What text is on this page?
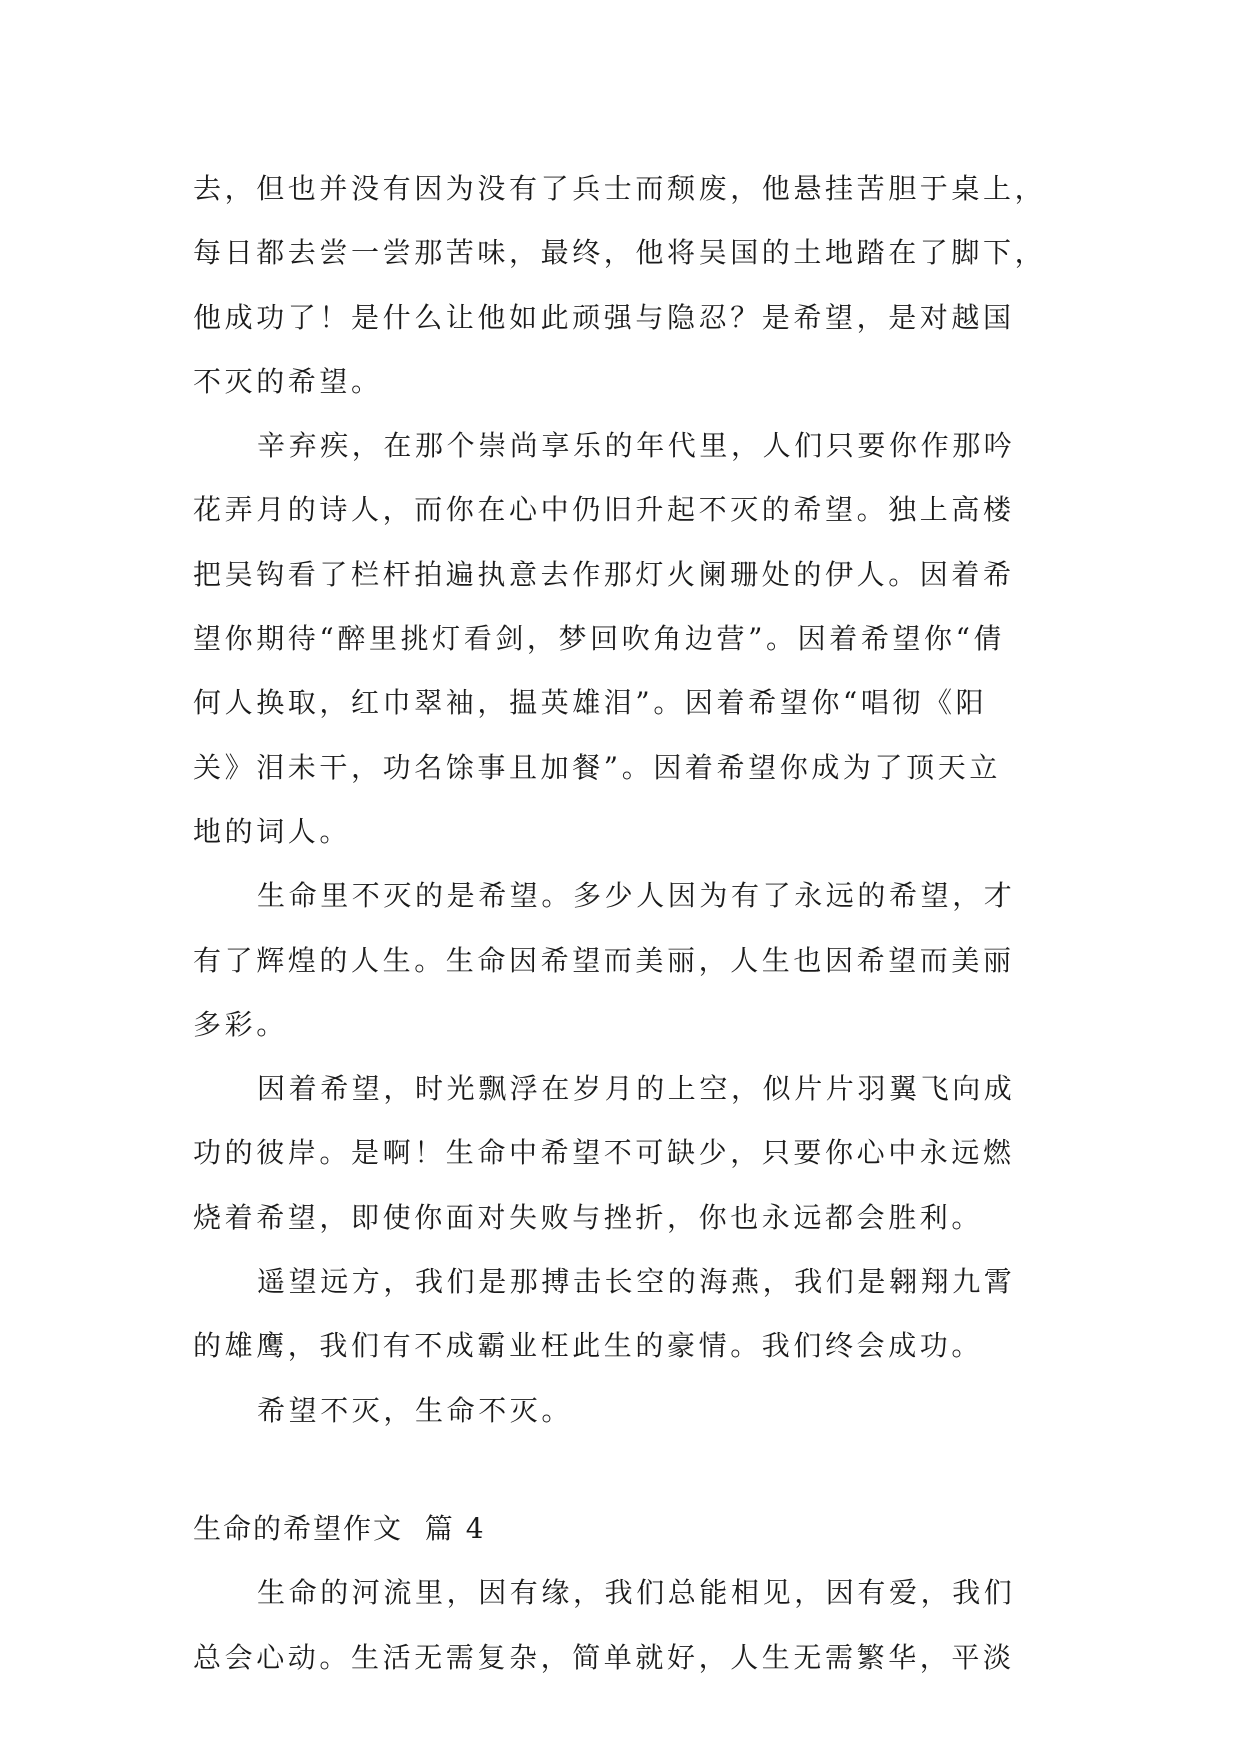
去，但也并没有因为没有了兵士而颓废，他悬挂苦胆于桌上，
每日都去尝一尝那苦味，最终，他将吴国的土地踏在了脚下，
他成功了！是什么让他如此顽强与隐忍？是希望，是对越国
不灭的希望。

辛弃疾，在那个崇尚享乐的年代里，人们只要你作那吟
花弄月的诗人，而你在心中仍旧升起不灭的希望。独上高楼
把吴钩看了栏杆拍遍执意去作那灯火阑珊处的伊人。因着希
望你期待“醉里挑灯看剑，梦回吹角边营”。因着希望你“倩
何人换取，红巾翠袖，揾英雄泪”。因着希望你“唱彻《阳
关》泪未干，功名馀事且加餐”。因着希望你成为了顶天立
地的词人。

生命里不灭的是希望。多少人因为有了永远的希望，才
有了辉煌的人生。生命因希望而美丽，人生也因希望而美丽
多彩。

因着希望，时光飘浮在岁月的上空，似片片羽翼飞向成
功的彼岸。是啊！生命中希望不可缺少，只要你心中永远燃
烧着希望，即使你面对失败与挫折，你也永远都会胜利。

遥望远方，我们是那搏击长空的海燕，我们是翱翔九霄
的雄鹰，我们有不成霸业枉此生的豪情。我们终会成功。

希望不灭，生命不灭。

生命的希望作文  篇 4

生命的河流里，因有缘，我们总能相见，因有爱，我们
总会心动。生活无需复杂，简单就好，人生无需繁华，平淡
